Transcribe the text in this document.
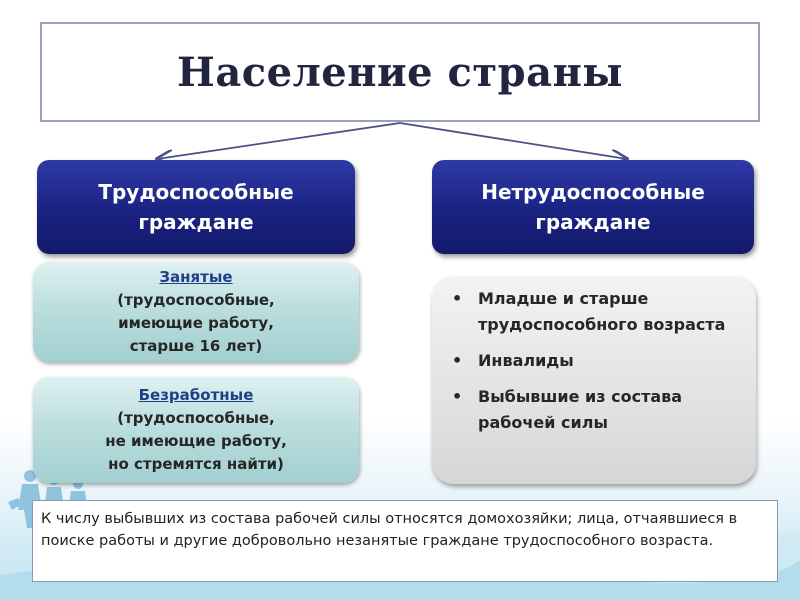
Население страны
Трудоспособные
граждане
Нетрудоспособные
граждане
Занятые
(трудоспособные,
имеющие работу,
старше 16 лет)
Безработные
(трудоспособные,
не имеющие работу,
но стремятся найти)
• Младше и старше трудоспособного возраста
• Инвалиды
• Выбывшие из состава рабочей силы
К числу выбывших из состава рабочей силы относятся домохозяйки; лица, отчаявшиеся в поиске работы и другие добровольно незанятые граждане трудоспособного возраста.
